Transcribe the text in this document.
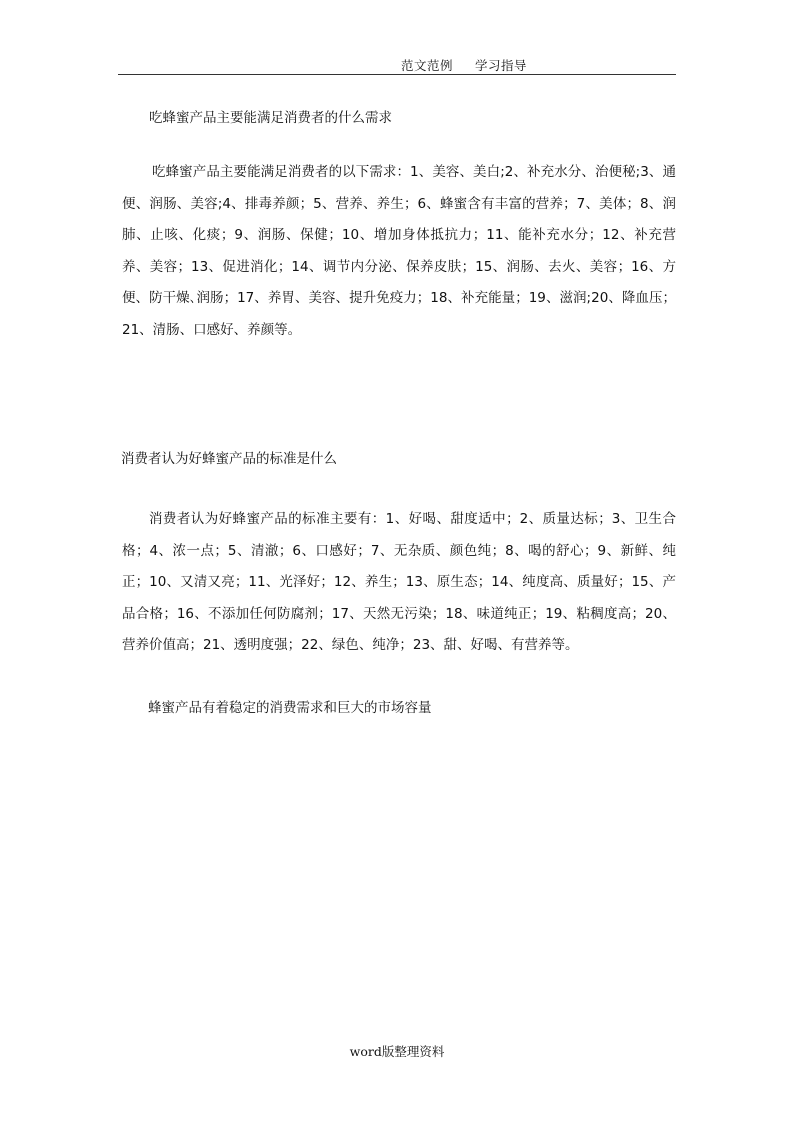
范文范例 学习指导
吃蜂蜜产品主要能满足消费者的什么需求
吃蜂蜜产品主要能满足消费者的以下需求：1、美容、美白;2、补充水分、治便秘;3、通便、润肠、美容;4、排毒养颜；5、营养、养生；6、蜂蜜含有丰富的营养；7、美体；8、润肺、止咳、化痰；9、润肠、保健；10、增加身体抵抗力；11、能补充水分；12、补充营养、美容；13、促进消化；14、调节内分泌、保养皮肤；15、润肠、去火、美容；16、方便、防干燥､润肠；17、养胃、美容、提升免疫力；18、补充能量；19、滋润;20、降血压；21、清肠、口感好、养颜等。
消费者认为好蜂蜜产品的标准是什么
消费者认为好蜂蜜产品的标准主要有：1、好喝、甜度适中；2、质量达标；3、卫生合格；4、浓一点；5、清澈；6、口感好；7、无杂质、颜色纯；8、喝的舒心；9、新鲜、纯正；10、又清又亮；11、光泽好；12、养生；13、原生态；14、纯度高、质量好；15、产品合格；16、不添加任何防腐剂；17、天然无污染；18、味道纯正；19、粘稠度高；20、营养价值高；21、透明度强；22、绿色、纯净；23、甜、好喝、有营养等。
蜂蜜产品有着稳定的消费需求和巨大的市场容量
word版整理资料
